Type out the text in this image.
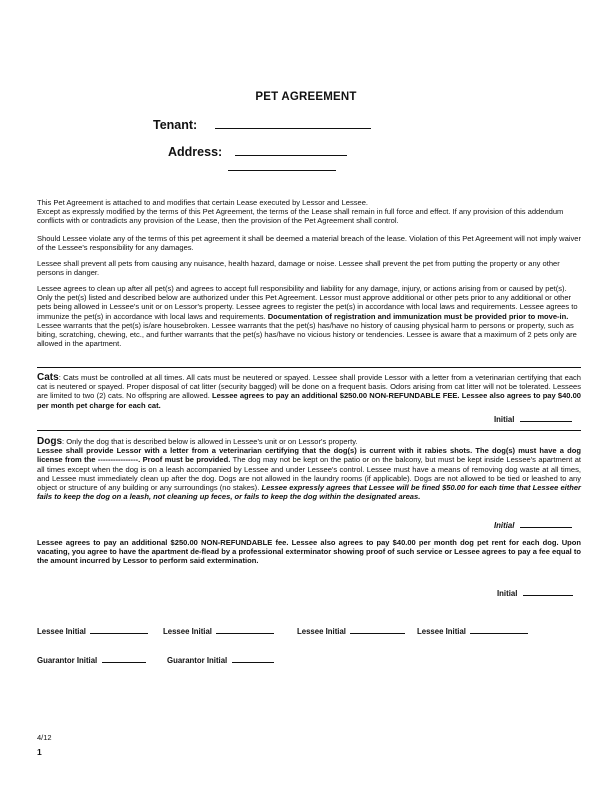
PET AGREEMENT
Tenant:
Address:

This Pet Agreement is attached to and modifies that certain Lease executed by Lessor and Lessee.

Except as expressly modified by the terms of this Pet Agreement, the terms of the Lease shall remain in full force and effect. If any provision of this addendum conflicts with or contradicts any provision of the Lease, then the provision of the Pet Agreement shall control.

Should Lessee violate any of the terms of this pet agreement it shall be deemed a material breach of the lease. Violation of this Pet Agreement will not imply waiver of the Lessee's responsibility for any damages.

Lessee shall prevent all pets from causing any nuisance, health hazard, damage or noise. Lessee shall prevent the pet from putting the property or any other persons in danger.

Lessee agrees to clean up after all pet(s) and agrees to accept full responsibility and liability for any damage, injury, or actions arising from or caused by pet(s). Only the pet(s) listed and described below are authorized under this Pet Agreement. Lessor must approve additional or other pets prior to any additional or other pets being allowed in Lessee's unit or on Lessor's property. Lessee agrees to register the pet(s) in accordance with local laws and requirements. Lessee agrees to immunize the pet(s) in accordance with local laws and requirements. Documentation of registration and immunization must be provided prior to move-in. Lessee warrants that the pet(s) is/are housebroken. Lessee warrants that the pet(s) has/have no history of causing physical harm to persons or property, such as biting, scratching, chewing, etc., and further warrants that the pet(s) has/have no vicious history or tendencies. Lessee is aware that a maximum of 2 pets only are allowed in the apartment.

Cats: Cats must be controlled at all times. All cats must be neutered or spayed. Lessee shall provide Lessor with a letter from a veterinarian certifying that each cat is neutered or spayed. Proper disposal of cat litter (security bagged) will be done on a frequent basis. Odors arising from cat litter will not be tolerated. Lessees are limited to two (2) cats. No offspring are allowed. Lessee agrees to pay an additional $250.00 NON-REFUNDABLE FEE. Lessee also agrees to pay $40.00 per month pet charge for each cat.

Initial

Dogs: Only the dog that is described below is allowed in Lessee's unit or on Lessor's property.
Lessee shall provide Lessor with a letter from a veterinarian certifying that the dog(s) is current with it rabies shots. The dog(s) must have a dog license from the ----------------. Proof must be provided. The dog may not be kept on the patio or on the balcony, but must be kept inside Lessee's apartment at all times except when the dog is on a leash accompanied by Lessee and under Lessee's control. Lessee must have a means of removing dog waste at all times, and Lessee must immediately clean up after the dog. Dogs are not allowed in the laundry rooms (if applicable). Dogs are not allowed to be tied or leashed to any object or structure of any building or any surroundings (no stakes). Lessee expressly agrees that Lessee will be fined $50.00 for each time that Lessee either fails to keep the dog on a leash, not cleaning up feces, or fails to keep the dog within the designated areas.

Initial

Lessee agrees to pay an additional $250.00 NON-REFUNDABLE fee. Lessee also agrees to pay $40.00 per month dog pet rent for each dog. Upon vacating, you agree to have the apartment de-flead by a professional exterminator showing proof of such service or Lessee agrees to pay a fee equal to the amount incurred by Lessor to perform said extermination.

Initial
Lessee Initial	Lessee Initial	Lessee Initial	Lessee Initial
Guarantor Initial	Guarantor Initial
4/12
1
